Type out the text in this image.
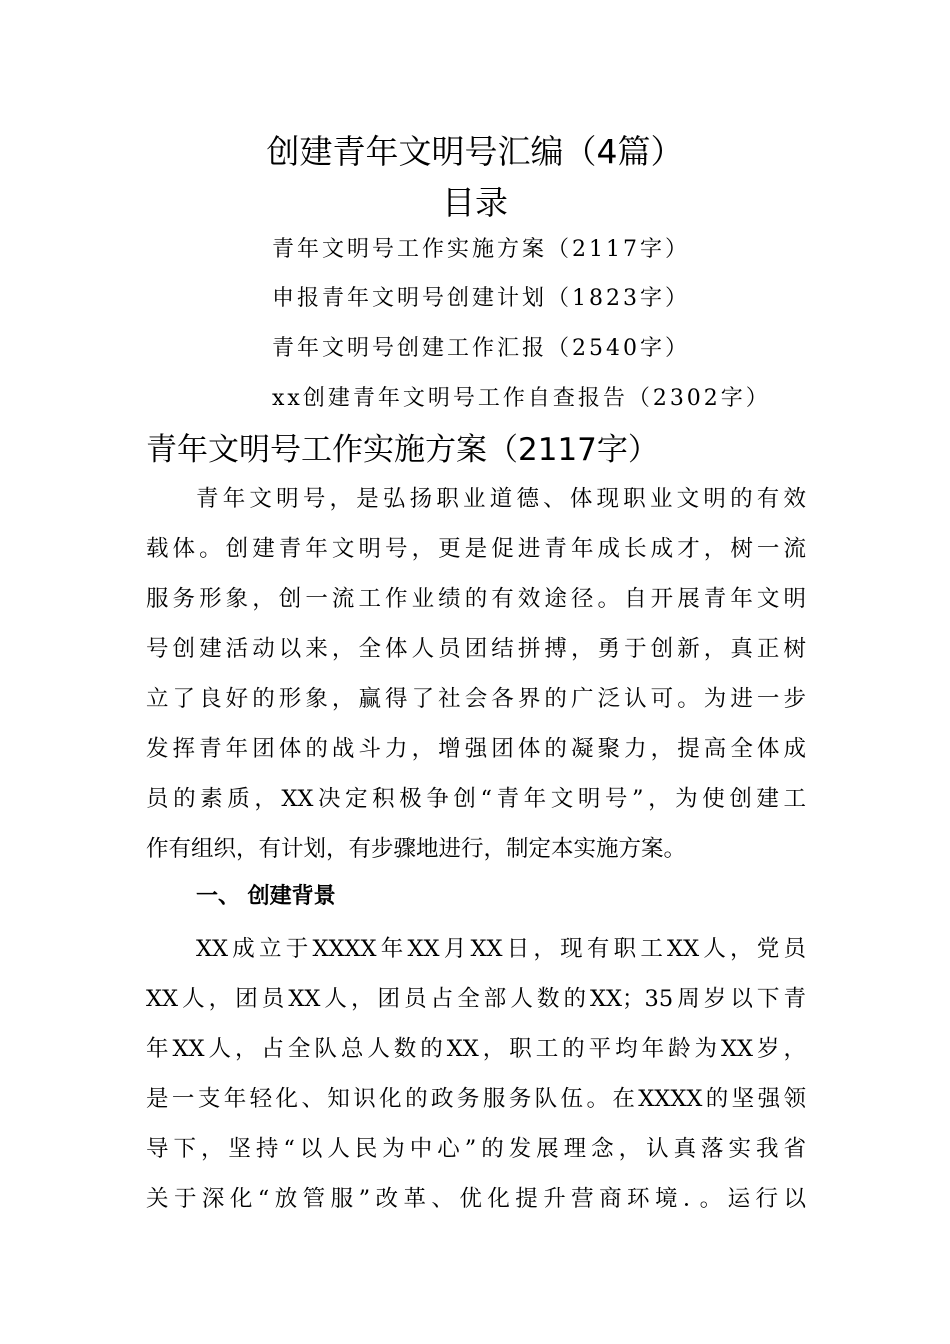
创建青年文明号汇编（4篇）
目录
青年文明号工作实施方案（2117字）
申报青年文明号创建计划（1823字）
青年文明号创建工作汇报（2540字）
xx创建青年文明号工作自查报告（2302字）
青年文明号工作实施方案（2117字）
青年文明号，是弘扬职业道德、体现职业文明的有效
载体。创建青年文明号，更是促进青年成长成才，树一流
服务形象，创一流工作业绩的有效途径。自开展青年文明
号创建活动以来，全体人员团结拼搏，勇于创新，真正树
立了良好的形象，赢得了社会各界的广泛认可。为进一步
发挥青年团体的战斗力，增强团体的凝聚力，提高全体成
员的素质，XX决定积极争创“青年文明号”，为使创建工
作有组织，有计划，有步骤地进行，制定本实施方案。
一、 创建背景
XX成立于XXXX年XX月XX日，现有职工XX人，党员
XX人，团员XX人，团员占全部人数的XX；35周岁以下青
年XX人，占全队总人数的XX，职工的平均年龄为XX岁，
是一支年轻化、知识化的政务服务队伍。在XXXX的坚强领
导下，坚持“以人民为中心”的发展理念，认真落实我省
关于深化“放管服”改革、优化提升营商环境．。运行以
